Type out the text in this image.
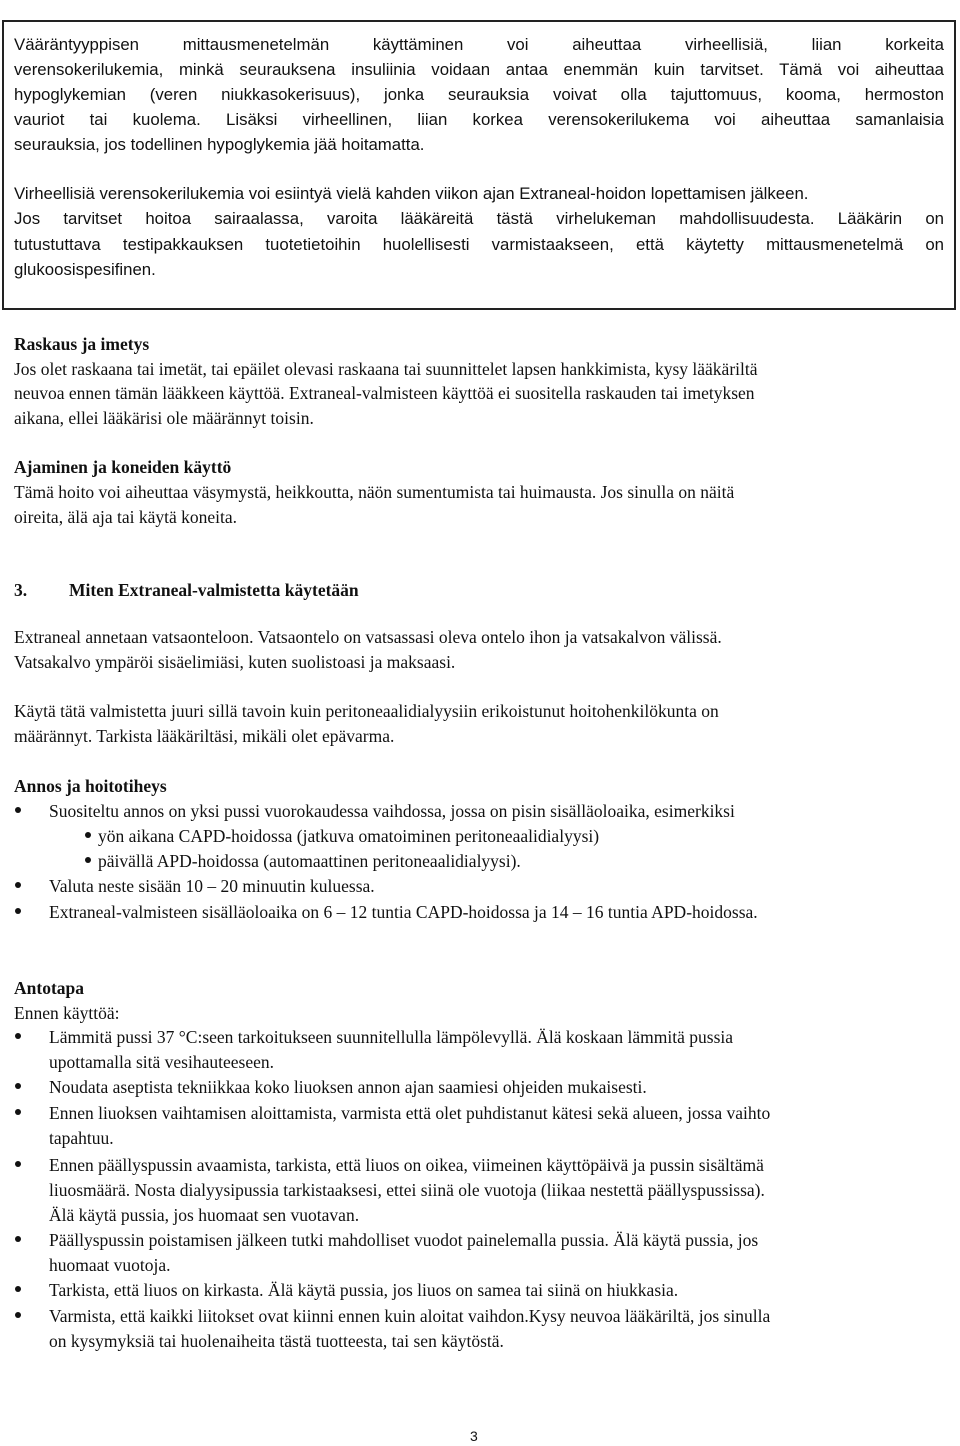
Vääräntyyppisen mittausmenetelmän käyttäminen voi aiheuttaa virheellisiä, liian korkeita
verensokerilukemia, minkä seurauksena insuliinia voidaan antaa enemmän kuin tarvitset. Tämä voi aiheuttaa
hypoglykemian (veren niukkasokerisuus), jonka seurauksia voivat olla tajuttomuus, kooma, hermoston
vauriot tai kuolema. Lisäksi virheellinen, liian korkea verensokerilukema voi aiheuttaa samanlaisia
seurauksia, jos todellinen hypoglykemia jää hoitamatta.
Virheellisiä verensokerilukemia voi esiintyä vielä kahden viikon ajan Extraneal-hoidon lopettamisen jälkeen.
Jos tarvitset hoitoa sairaalassa, varoita lääkäreitä tästä virhelukeman mahdollisuudesta. Lääkärin on
tutustuttava testipakkauksen tuotetietoihin huolellisesti varmistaakseen, että käytetty mittausmenetelmä on
glukoosispesifinen.
Raskaus ja imetys
Jos olet raskaana tai imetät, tai epäilet olevasi raskaana tai suunnittelet lapsen hankkimista, kysy lääkäriltä
neuvoa ennen tämän lääkkeen käyttöä. Extraneal-valmisteen käyttöä ei suositella raskauden tai imetyksen
aikana, ellei lääkärisi ole määrännyt toisin.
Ajaminen ja koneiden käyttö
Tämä hoito voi aiheuttaa väsymystä, heikkoutta, näön sumentumista tai huimausta. Jos sinulla on näitä
oireita, älä aja tai käytä koneita.
3. Miten Extraneal-valmistetta käytetään
Extraneal annetaan vatsaonteloon. Vatsaontelo on vatsassasi oleva ontelo ihon ja vatsakalvon välissä.
Vatsakalvo ympäröi sisäelimiäsi, kuten suolistoasi ja maksaasi.
Käytä tätä valmistetta juuri sillä tavoin kuin peritoneaalidialyysiin erikoistunut hoitohenkilökunta on
määrännyt. Tarkista lääkäriltäsi, mikäli olet epävarma.
Annos ja hoitotiheys
Suositeltu annos on yksi pussi vuorokaudessa vaihdossa, jossa on pisin sisälläoloaika, esimerkiksi
yön aikana CAPD-hoidossa (jatkuva omatoiminen peritoneaalidialyysi)
päivällä APD-hoidossa (automaattinen peritoneaalidialyysi).
Valuta neste sisään 10 – 20 minuutin kuluessa.
Extraneal-valmisteen sisälläoloaika on 6 – 12 tuntia CAPD-hoidossa ja 14 – 16 tuntia APD-hoidossa.
Antotapa
Ennen käyttöä:
Lämmitä pussi 37 °C:seen tarkoitukseen suunnitellulla lämpölevyllä. Älä koskaan lämmitä pussia
upottamalla sitä vesihauteeseen.
Noudata aseptista tekniikkaa koko liuoksen annon ajan saamiesi ohjeiden mukaisesti.
Ennen liuoksen vaihtamisen aloittamista, varmista että olet puhdistanut kätesi sekä alueen, jossa vaihto
tapahtuu.
Ennen päällyspussin avaamista, tarkista, että liuos on oikea, viimeinen käyttöpäivä ja pussin sisältämä
liuosmäärä. Nosta dialyysipussia tarkistaaksesi, ettei siinä ole vuotoja (liikaa nestettä päällyspussissa).
Älä käytä pussia, jos huomaat sen vuotavan.
Päällyspussin poistamisen jälkeen tutki mahdolliset vuodot painelemalla pussia. Älä käytä pussia, jos
huomaat vuotoja.
Tarkista, että liuos on kirkasta. Älä käytä pussia, jos liuos on samea tai siinä on hiukkasia.
Varmista, että kaikki liitokset ovat kiinni ennen kuin aloitat vaihdon.Kysy neuvoa lääkäriltä, jos sinulla
on kysymyksiä tai huolenaiheita tästä tuotteesta, tai sen käytöstä.
3
